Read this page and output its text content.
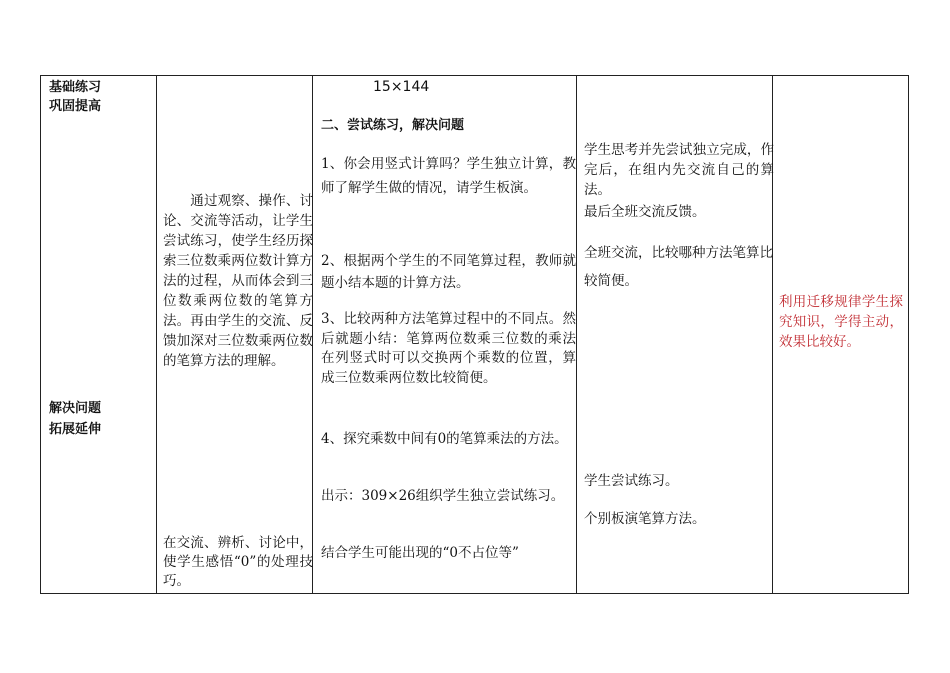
基础练习
巩固提高
解决问题
拓展延伸
　　通过观察、操作、讨论、交流等活动，让学生尝试练习，使学生经历探索三位数乘两位数计算方法的过程，从而体会到三位数乘两位数的笔算方法。再由学生的交流、反馈加深对三位数乘两位数的笔算方法的理解。
在交流、辨析、讨论中，使学生感悟“0”的处理技巧。
15×144
二、尝试练习，解决问题
1、你会用竖式计算吗？学生独立计算，教师了解学生做的情况，请学生板演。
2、根据两个学生的不同笔算过程，教师就题小结本题的计算方法。
3、比较两种方法笔算过程中的不同点。然后就题小结：笔算两位数乘三位数的乘法在列竖式时可以交换两个乘数的位置，算成三位数乘两位数比较简便。
4、探究乘数中间有0的笔算乘法的方法。
出示：309×26组织学生独立尝试练习。
结合学生可能出现的“0不占位等”
学生思考并先尝试独立完成，作完后，在组内先交流自己的算法。
最后全班交流反馈。
全班交流，比较哪种方法笔算比较简便。
学生尝试练习。
个别板演笔算方法。
利用迁移规律学生探究知识，学得主动，效果比较好。
